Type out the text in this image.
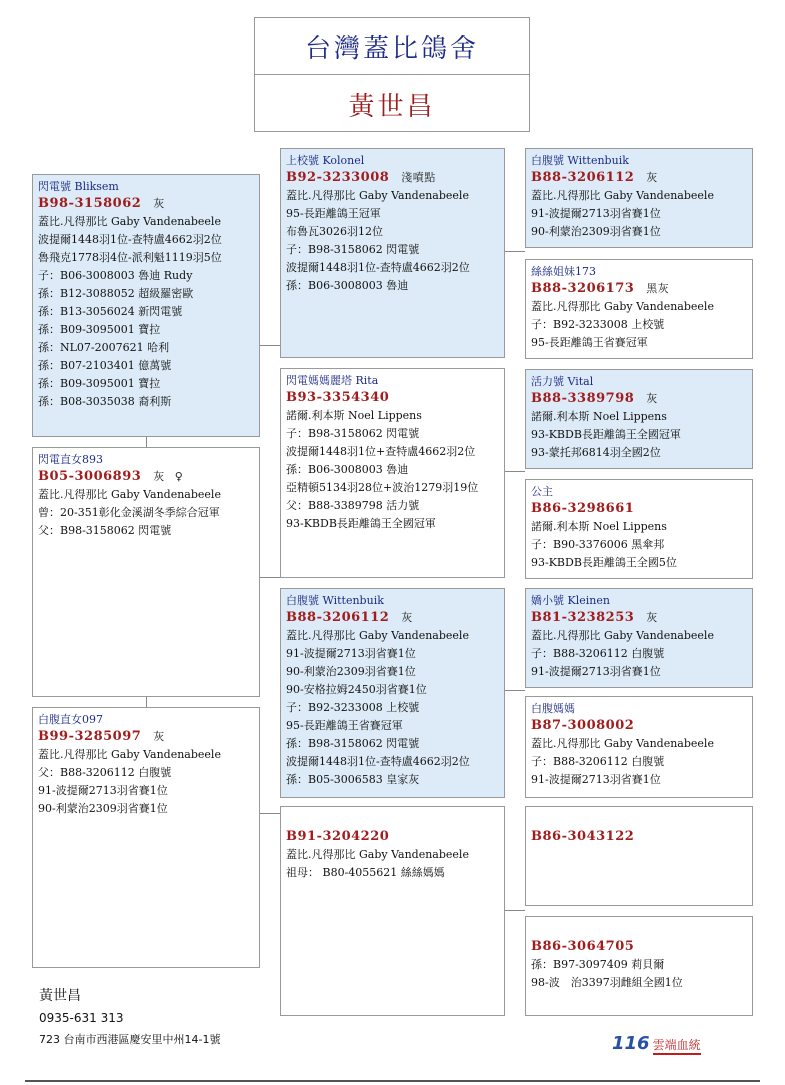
台灣蓋比鴿舍
黃世昌
閃電號 Bliksem
B98-3158062 灰
蓋比.凡得那比 Gaby Vandenabeele
波提爾1448羽1位-查特盧4662羽2位
魯飛克1778羽4位-派利魁1119羽5位
子：B06-3008003 魯迪 Rudy
孫：B12-3088052 超級羅密歐
孫：B13-3056024 新閃電號
孫：B09-3095001 寶拉
孫：NL07-2007621 哈利
孫：B07-2103401 億萬號
孫：B09-3095001 寶拉
孫：B08-3035038 裔利斯
閃電直女893
B05-3006893 灰 ♀
蓋比.凡得那比 Gaby Vandenabeele
曾：20-351彰化金溪湖冬季綜合冠軍
父：B98-3158062 閃電號
白腹直女097
B99-3285097 灰
蓋比.凡得那比 Gaby Vandenabeele
父：B88-3206112 白腹號
91-波提爾2713羽省賽1位
90-利蒙治2309羽省賽1位
上校號 Kolonel
B92-3233008 淺噴點
蓋比.凡得那比 Gaby Vandenabeele
95-長距離鴿王冠軍
布魯瓦3026羽12位
子：B98-3158062 閃電號
波提爾1448羽1位-查特盧4662羽2位
孫：B06-3008003 魯迪
閃電媽媽麗塔 Rita
B93-3354340
諾爾.利本斯 Noel Lippens
子：B98-3158062 閃電號
波提爾1448羽1位+查特盧4662羽2位
孫：B06-3008003 魯迪
亞精頓5134羽28位+波治1279羽19位
父：B88-3389798 活力號
93-KBDB長距離鴿王全國冠軍
白腹號 Wittenbuik
B88-3206112 灰
蓋比.凡得那比 Gaby Vandenabeele
91-波提爾2713羽省賽1位
90-利蒙治2309羽省賽1位
90-安格拉姆2450羽省賽1位
子：B92-3233008 上校號
95-長距離鴿王省賽冠軍
孫：B98-3158062 閃電號
波提爾1448羽1位-查特盧4662羽2位
孫：B05-3006583 皇家灰
B91-3204220
蓋比.凡得那比 Gaby Vandenabeele
祖母： B80-4055621 絲絲媽媽
白腹號 Wittenbuik
B88-3206112 灰
蓋比.凡得那比 Gaby Vandenabeele
91-波提爾2713羽省賽1位
90-利蒙治2309羽省賽1位
絲絲姐妹173
B88-3206173 黑灰
蓋比.凡得那比 Gaby Vandenabeele
子：B92-3233008 上校號
95-長距離鴿王省賽冠軍
活力號 Vital
B88-3389798 灰
諾爾.利本斯 Noel Lippens
93-KBDB長距離鴿王全國冠軍
93-蒙托邦6814羽全國2位
公主
B86-3298661
諾爾.利本斯 Noel Lippens
子：B90-3376006 黑傘邦
93-KBDB長距離鴿王全國5位
嬌小號 Kleinen
B81-3238253 灰
蓋比.凡得那比 Gaby Vandenabeele
子：B88-3206112 白腹號
91-波提爾2713羽省賽1位
白腹媽媽
B87-3008002
蓋比.凡得那比 Gaby Vandenabeele
子：B88-3206112 白腹號
91-波提爾2713羽省賽1位
B86-3043122
B86-3064705
孫：B97-3097409 莉貝爾
98-波　治3397羽雌組全國1位
黃世昌
0935-631 313
723 台南市西港區慶安里中州14-1號	116 雲端血統
